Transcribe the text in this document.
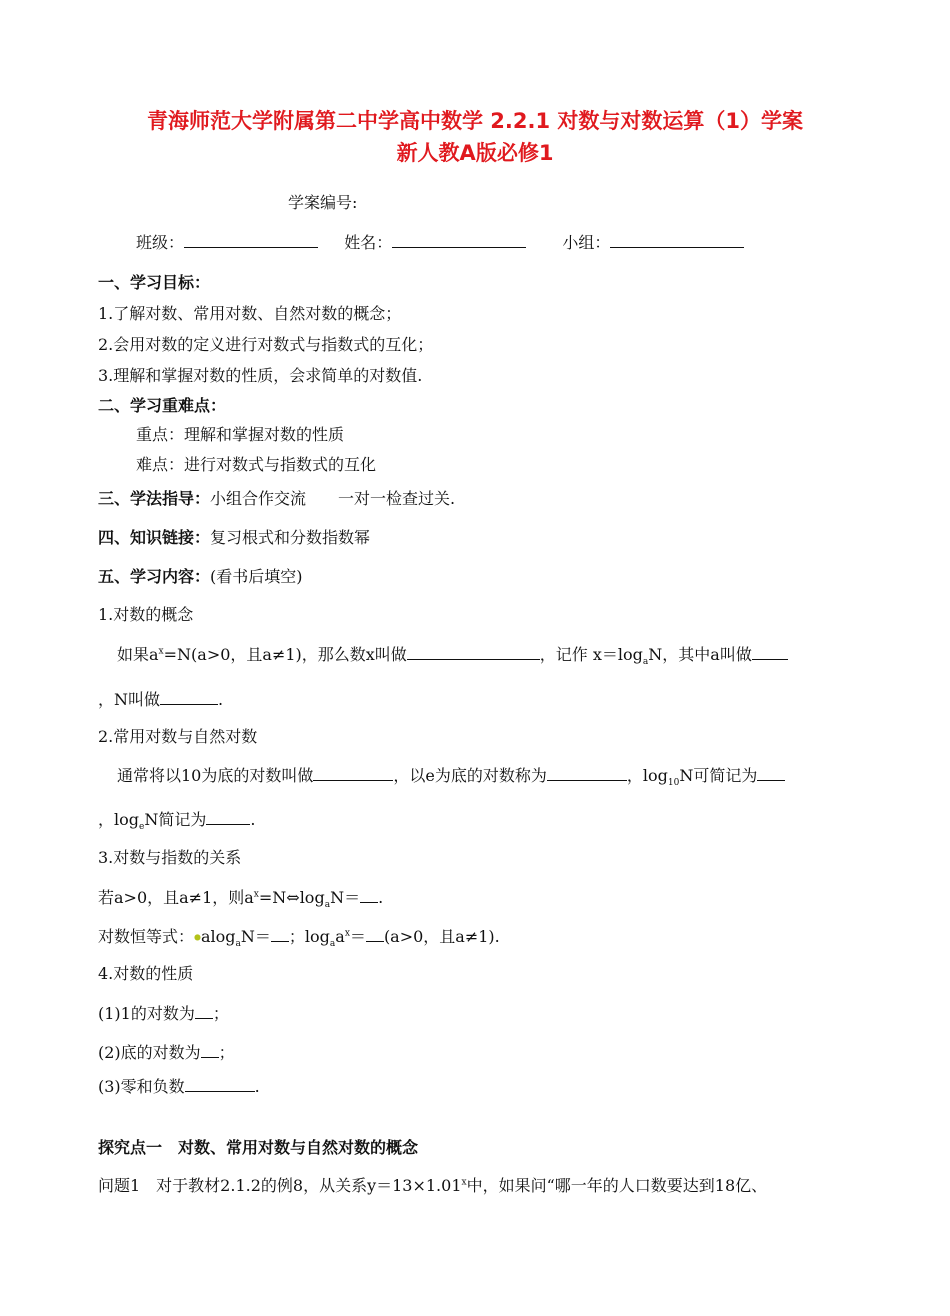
青海师范大学附属第二中学高中数学 2.2.1 对数与对数运算（1）学案
新人教A版必修1
学案编号:
班级：	姓名：	小组：
一、学习目标：
1.了解对数、常用对数、自然对数的概念；
2.会用对数的定义进行对数式与指数式的互化；
3.理解和掌握对数的性质，会求简单的对数值.
二、学习重难点：
重点：理解和掌握对数的性质
难点：进行对数式与指数式的互化
三、学法指导：小组合作交流　　一对一检查过关.
四、知识链接：复习根式和分数指数幂
五、学习内容：(看书后填空)
1.对数的概念
如果$a^x=N(a>0$，且a≠1)，那么数x叫做	，记作 $x=\log_aN$，其中a叫做
，N叫做	.
2.常用对数与自然对数
通常将以10为底的对数叫做	，以e为底的对数称为	，$\log_{10}N$可简记为
，$\log_eN$简记为	.
3.对数与指数的关系
若a>0，且a≠1，则$a^x=N\Leftrightarrow\log_aN=$ .
对数恒等式：●alog$_a$N＝ ；$\log_aa^x= (a>0$，且a≠1).
4.对数的性质
(1)1的对数为 ；
(2)底的对数为 ；
(3)零和负数	.
探究点一　对数、常用对数与自然对数的概念
问题1　对于教材2.1.2的例8，从关系$y=13\times 1.01^x$中，如果问“哪一年的人口数要达到18亿、
